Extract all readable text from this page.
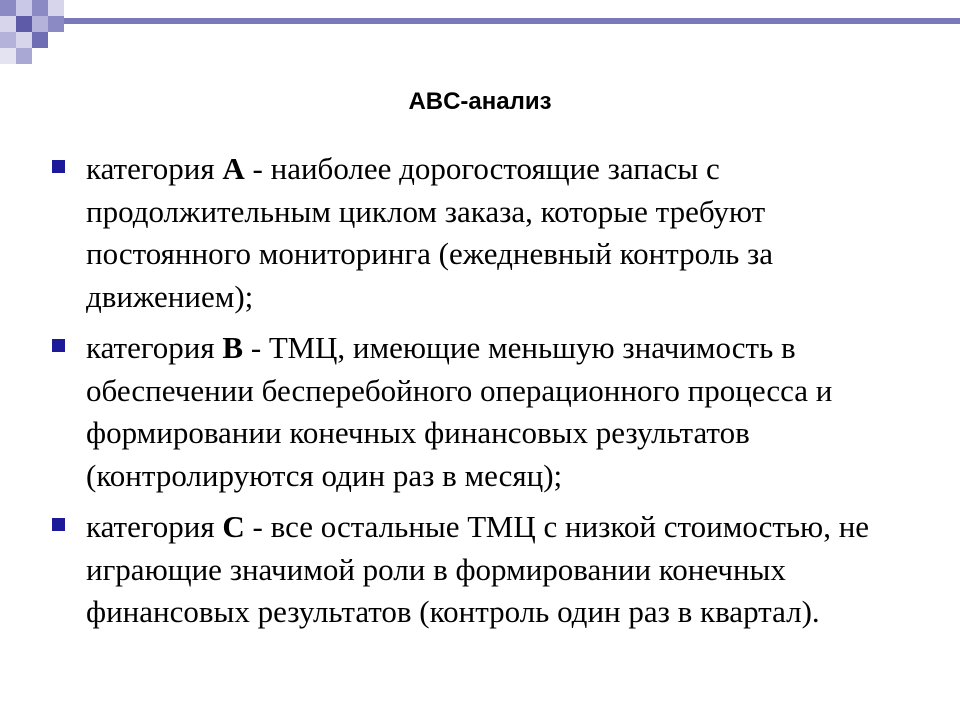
ABC-анализ
категория А - наиболее дорогостоящие запасы с продолжительным циклом заказа, которые требуют постоянного мониторинга (ежедневный контроль за движением);
категория В - ТМЦ, имеющие меньшую значимость в обеспечении бесперебойного операционного процесса и формировании конечных финансовых результатов (контролируются один раз в месяц);
категория С - все остальные ТМЦ с низкой стоимостью, не играющие значимой роли в формировании конечных финансовых результатов (контроль один раз в квартал).
